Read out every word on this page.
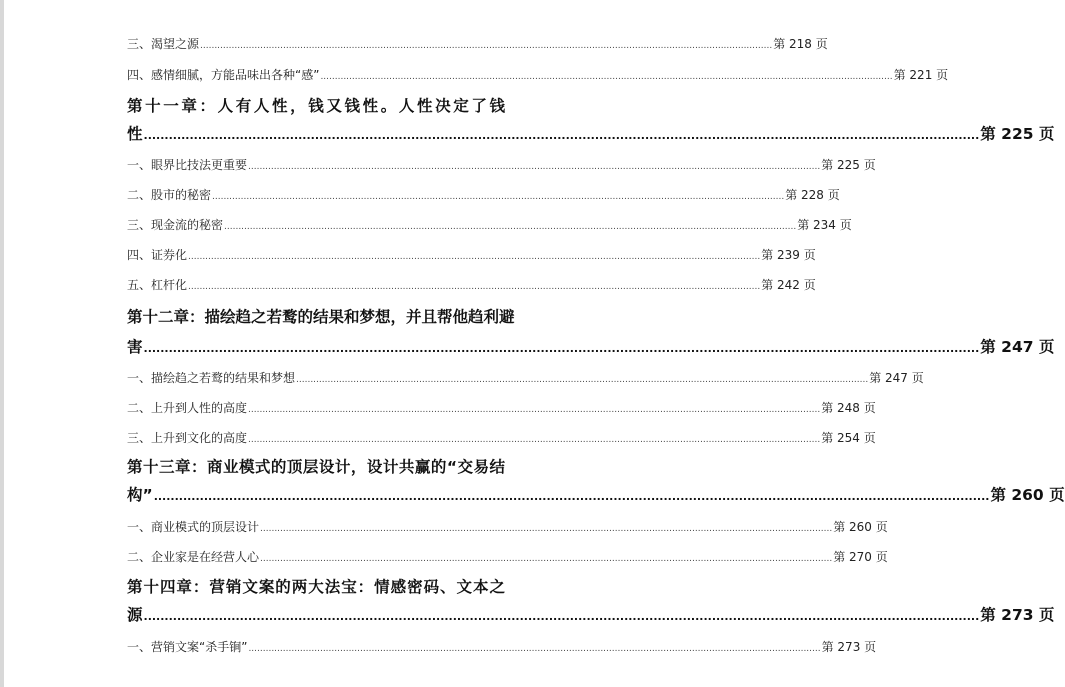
三、渴望之源 ........................................................................................................................................................................................................ 第 218 页
四、感情细腻，方能品味出各种“感” ........................................................................................................................................................................................................ 第 221 页
第十一章：人有人性，钱又钱性。人性决定了钱
性 ........................................................................................................................................................................................................ 第 225 页
一、眼界比技法更重要 ........................................................................................................................................................................................................ 第 225 页
二、股市的秘密 ........................................................................................................................................................................................................ 第 228 页
三、现金流的秘密 ........................................................................................................................................................................................................ 第 234 页
四、证券化 ........................................................................................................................................................................................................ 第 239 页
五、杠杆化 ........................................................................................................................................................................................................ 第 242 页
第十二章：描绘趋之若鹜的结果和梦想，并且帮他趋利避
害 ........................................................................................................................................................................................................ 第 247 页
一、描绘趋之若鹜的结果和梦想 ........................................................................................................................................................................................................ 第 247 页
二、上升到人性的高度 ........................................................................................................................................................................................................ 第 248 页
三、上升到文化的高度 ........................................................................................................................................................................................................ 第 254 页
第十三章：商业模式的顶层设计，设计共赢的“交易结
构” ........................................................................................................................................................................................................ 第 260 页
一、商业模式的顶层设计 ........................................................................................................................................................................................................ 第 260 页
二、企业家是在经营人心 ........................................................................................................................................................................................................ 第 270 页
第十四章：营销文案的两大法宝：情感密码、文本之
源 ........................................................................................................................................................................................................ 第 273 页
一、营销文案“杀手锏” ........................................................................................................................................................................................................ 第 273 页
